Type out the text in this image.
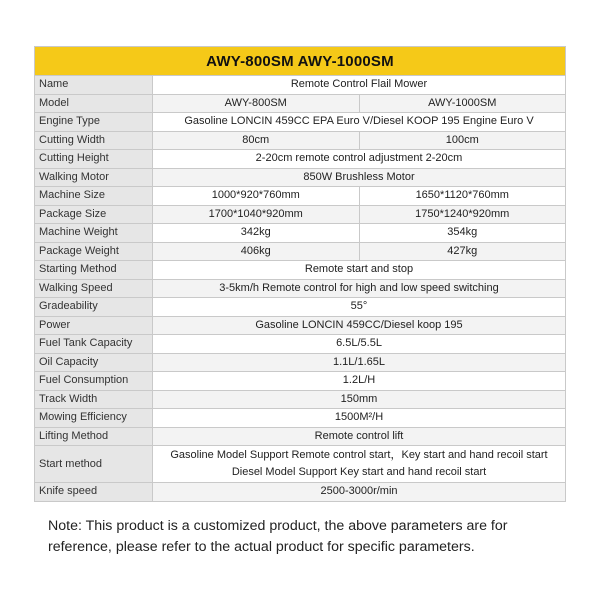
AWY-800SM AWY-1000SM
Name	Remote Control Flail Mower	
Model	AWY-800SM	AWY-1000SM
Engine Type	Gasoline LONCIN 459CC EPA Euro V/Diesel KOOP 195 Engine Euro V	
Cutting Width	80cm	100cm
Cutting Height	2-20cm remote control adjustment 2-20cm	
Walking Motor	850W Brushless Motor	
Machine Size	1000*920*760mm	1650*1120*760mm
Package Size	1700*1040*920mm	1750*1240*920mm
Machine Weight	342kg	354kg
Package Weight	406kg	427kg
Starting Method	Remote start and stop	
Walking Speed	3-5km/h Remote control for high and low speed switching	
Gradeability	55°	
Power	Gasoline LONCIN 459CC/Diesel koop 195	
Fuel Tank Capacity	6.5L/5.5L	
Oil Capacity	1.1L/1.65L	
Fuel Consumption	1.2L/H	
Track Width	150mm	
Mowing Efficiency	1500M²/H	
Lifting Method	Remote control lift	
Start method	Gasoline Model Support Remote control start，Key start and hand recoil start
Diesel Model Support Key start and hand recoil start	

Knife speed	2500-3000r/min	
Note: This product is a customized product, the above parameters are for reference, please refer to the actual product for specific parameters.
